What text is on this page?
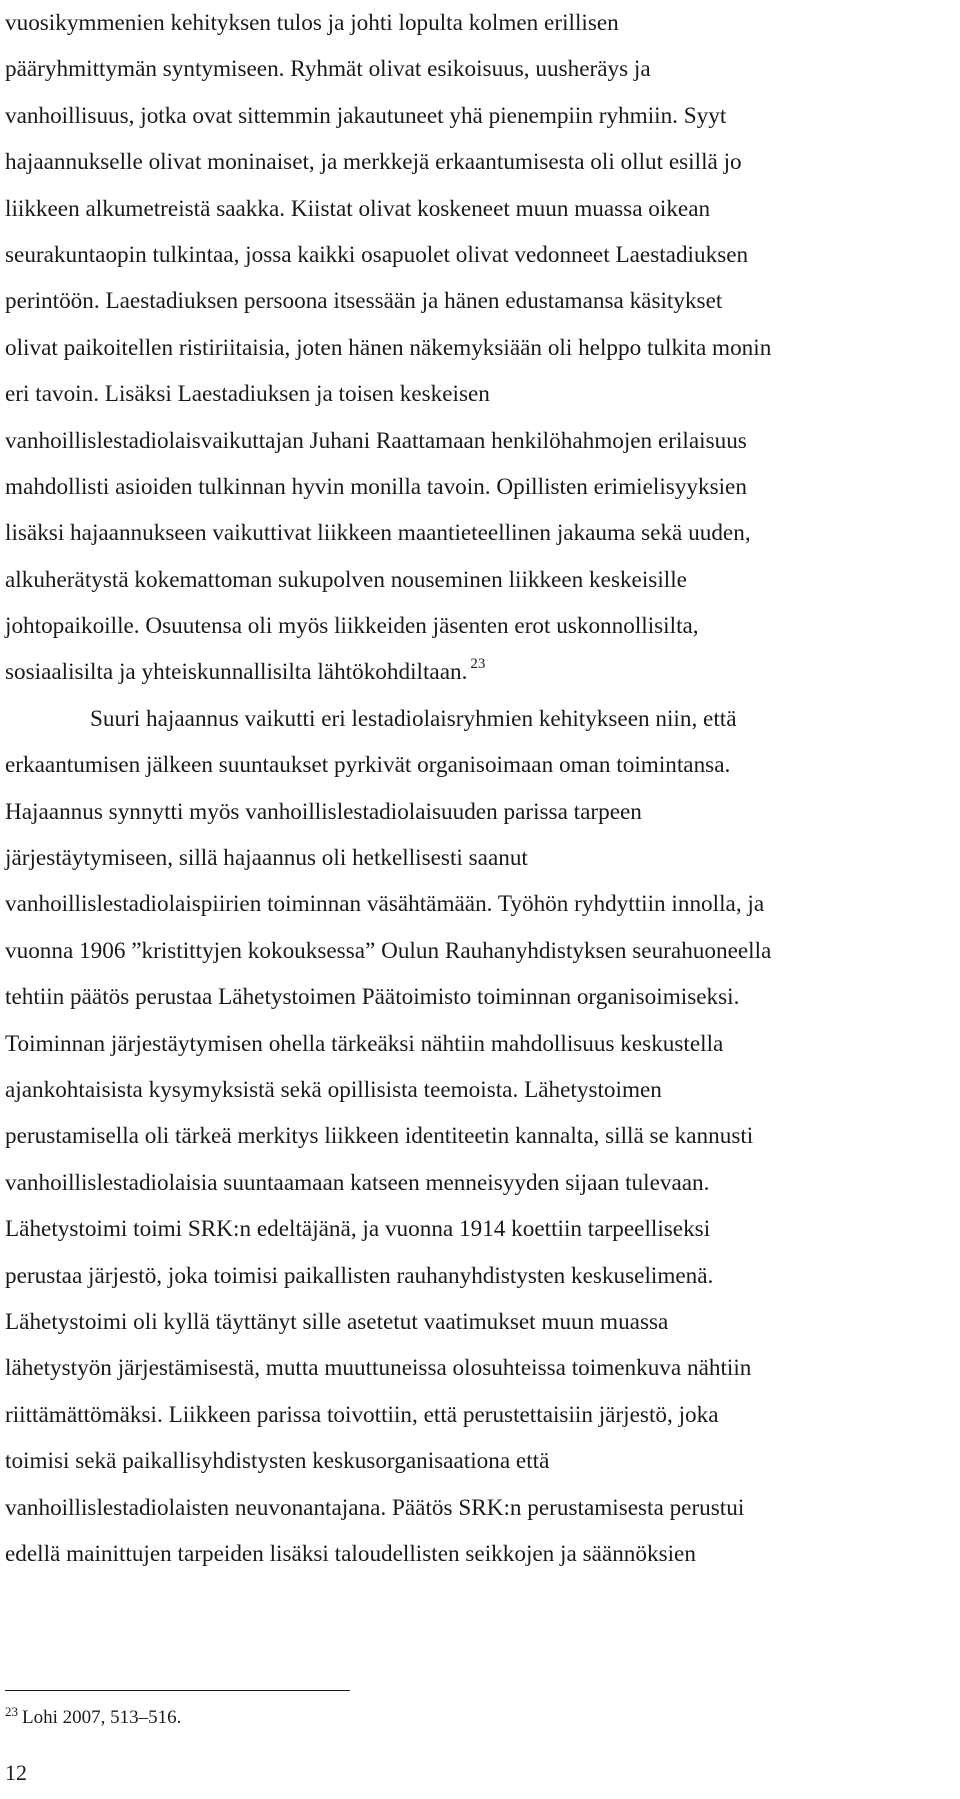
vuosikymmenien kehityksen tulos ja johti lopulta kolmen erillisen
pääryhmittymän syntymiseen. Ryhmät olivat esikoisuus, uusheräys ja
vanhoillisuus, jotka ovat sittemmin jakautuneet yhä pienempiin ryhmiin. Syyt
hajaannukselle olivat moninaiset, ja merkkejä erkaantumisesta oli ollut esillä jo
liikkeen alkumetreistä saakka. Kiistat olivat koskeneet muun muassa oikean
seurakuntaopin tulkintaa, jossa kaikki osapuolet olivat vedonneet Laestadiuksen
perintöön. Laestadiuksen persoona itsessään ja hänen edustamansa käsitykset
olivat paikoitellen ristiriitaisia, joten hänen näkemyksiään oli helppo tulkita monin
eri tavoin. Lisäksi Laestadiuksen ja toisen keskeisen
vanhoillislestadiolaisvaikuttajan Juhani Raattamaan henkilöhahmojen erilaisuus
mahdollisti asioiden tulkinnan hyvin monilla tavoin. Opillisten erimielisyyksien
lisäksi hajaannukseen vaikuttivat liikkeen maantieteellinen jakauma sekä uuden,
alkuherätystä kokemattoman sukupolven nouseminen liikkeen keskeisille
johtopaikoille. Osuutensa oli myös liikkeiden jäsenten erot uskonnollisilta,
sosiaalisilta ja yhteiskunnallisilta lähtökohdiltaan. $^{23}$
Suuri hajaannus vaikutti eri lestadiolaisryhmien kehitykseen niin, että
erkaantumisen jälkeen suuntaukset pyrkivät organisoimaan oman toimintansa.
Hajaannus synnytti myös vanhoillislestadiolaisuuden parissa tarpeen
järjestäytymiseen, sillä hajaannus oli hetkellisesti saanut
vanhoillislestadiolaispiirien toiminnan väsähtämään. Työhön ryhdyttiin innolla, ja
vuonna 1906 ”kristittyjen kokouksessa” Oulun Rauhanyhdistyksen seurahuoneella
tehtiin päätös perustaa Lähetystoimen Päätoimisto toiminnan organisoimiseksi.
Toiminnan järjestäytymisen ohella tärkeäksi nähtiin mahdollisuus keskustella
ajankohtaisista kysymyksistä sekä opillisista teemoista. Lähetystoimen
perustamisella oli tärkeä merkitys liikkeen identiteetin kannalta, sillä se kannusti
vanhoillislestadiolaisia suuntaamaan katseen menneisyyden sijaan tulevaan.
Lähetystoimi toimi SRK:n edeltäjänä, ja vuonna 1914 koettiin tarpeelliseksi
perustaa järjestö, joka toimisi paikallisten rauhanyhdistysten keskuselimenä.
Lähetystoimi oli kyllä täyttänyt sille asetetut vaatimukset muun muassa
lähetystyön järjestämisestä, mutta muuttuneissa olosuhteissa toimenkuva nähtiin
riittämättömäksi. Liikkeen parissa toivottiin, että perustettaisiin järjestö, joka
toimisi sekä paikallisyhdistysten keskusorganisaationa että
vanhoillislestadiolaisten neuvonantajana. Päätös SRK:n perustamisesta perustui
edellä mainittujen tarpeiden lisäksi taloudellisten seikkojen ja säännöksien
$^{23}$ Lohi 2007, 513–516.
12
